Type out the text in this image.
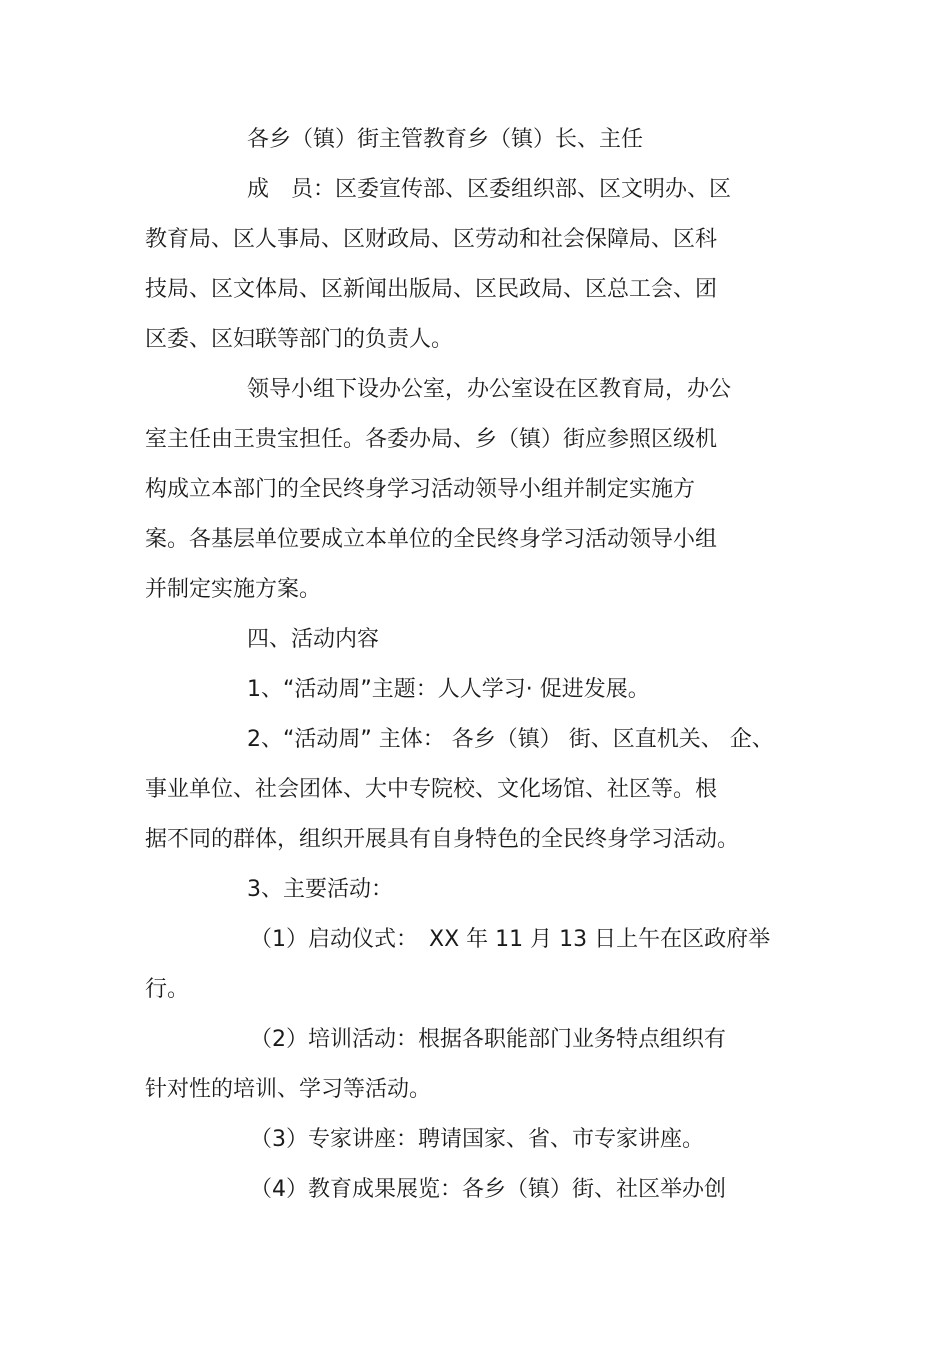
各乡（镇）街主管教育乡（镇）长、主任
成　员：区委宣传部、区委组织部、区文明办、区
教育局、区人事局、区财政局、区劳动和社会保障局、区科
技局、区文体局、区新闻出版局、区民政局、区总工会、团
区委、区妇联等部门的负责人。
领导小组下设办公室，办公室设在区教育局，办公
室主任由王贵宝担任。各委办局、乡（镇）街应参照区级机
构成立本部门的全民终身学习活动领导小组并制定实施方
案。各基层单位要成立本单位的全民终身学习活动领导小组
并制定实施方案。
四、活动内容
1、“活动周”主题：人人学习· 促进发展。
2、“活动周” 主体： 各乡（镇） 街、区直机关、 企、
事业单位、社会团体、大中专院校、文化场馆、社区等。根
据不同的群体，组织开展具有自身特色的全民终身学习活动。
3、主要活动：
（1）启动仪式：　XX 年 11 月 13 日上午在区政府举
行。
（2）培训活动：根据各职能部门业务特点组织有
针对性的培训、学习等活动。
（3）专家讲座：聘请国家、省、市专家讲座。
（4）教育成果展览：各乡（镇）街、社区举办创
